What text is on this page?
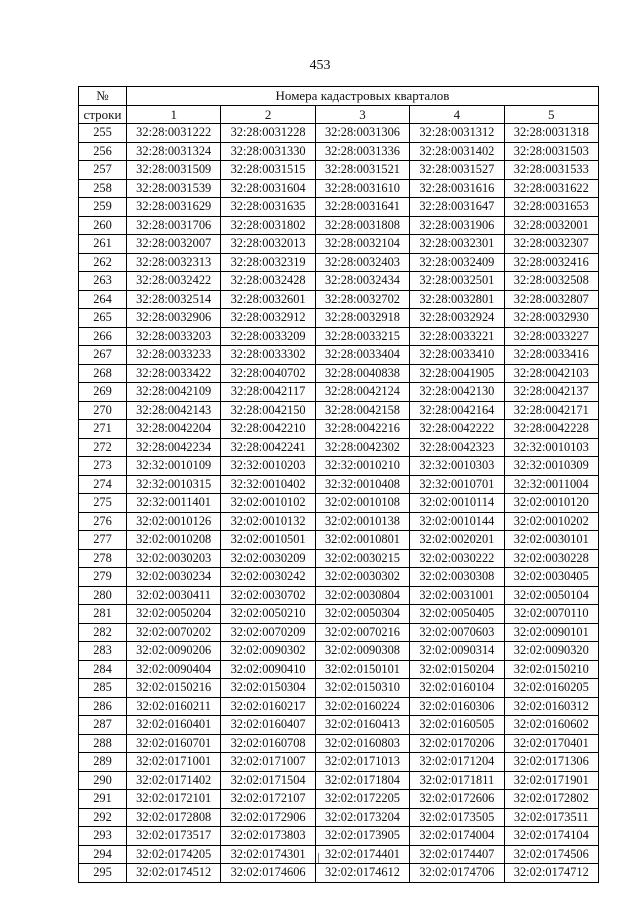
453
№	Номера кадастровых кварталов				
строки	1	2	3	4	5
255	32:28:0031222	32:28:0031228	32:28:0031306	32:28:0031312	32:28:0031318
256	32:28:0031324	32:28:0031330	32:28:0031336	32:28:0031402	32:28:0031503
257	32:28:0031509	32:28:0031515	32:28:0031521	32:28:0031527	32:28:0031533
258	32:28:0031539	32:28:0031604	32:28:0031610	32:28:0031616	32:28:0031622
259	32:28:0031629	32:28:0031635	32:28:0031641	32:28:0031647	32:28:0031653
260	32:28:0031706	32:28:0031802	32:28:0031808	32:28:0031906	32:28:0032001
261	32:28:0032007	32:28:0032013	32:28:0032104	32:28:0032301	32:28:0032307
262	32:28:0032313	32:28:0032319	32:28:0032403	32:28:0032409	32:28:0032416
263	32:28:0032422	32:28:0032428	32:28:0032434	32:28:0032501	32:28:0032508
264	32:28:0032514	32:28:0032601	32:28:0032702	32:28:0032801	32:28:0032807
265	32:28:0032906	32:28:0032912	32:28:0032918	32:28:0032924	32:28:0032930
266	32:28:0033203	32:28:0033209	32:28:0033215	32:28:0033221	32:28:0033227
267	32:28:0033233	32:28:0033302	32:28:0033404	32:28:0033410	32:28:0033416
268	32:28:0033422	32:28:0040702	32:28:0040838	32:28:0041905	32:28:0042103
269	32:28:0042109	32:28:0042117	32:28:0042124	32:28:0042130	32:28:0042137
270	32:28:0042143	32:28:0042150	32:28:0042158	32:28:0042164	32:28:0042171
271	32:28:0042204	32:28:0042210	32:28:0042216	32:28:0042222	32:28:0042228
272	32:28:0042234	32:28:0042241	32:28:0042302	32:28:0042323	32:32:0010103
273	32:32:0010109	32:32:0010203	32:32:0010210	32:32:0010303	32:32:0010309
274	32:32:0010315	32:32:0010402	32:32:0010408	32:32:0010701	32:32:0011004
275	32:32:0011401	32:02:0010102	32:02:0010108	32:02:0010114	32:02:0010120
276	32:02:0010126	32:02:0010132	32:02:0010138	32:02:0010144	32:02:0010202
277	32:02:0010208	32:02:0010501	32:02:0010801	32:02:0020201	32:02:0030101
278	32:02:0030203	32:02:0030209	32:02:0030215	32:02:0030222	32:02:0030228
279	32:02:0030234	32:02:0030242	32:02:0030302	32:02:0030308	32:02:0030405
280	32:02:0030411	32:02:0030702	32:02:0030804	32:02:0031001	32:02:0050104
281	32:02:0050204	32:02:0050210	32:02:0050304	32:02:0050405	32:02:0070110
282	32:02:0070202	32:02:0070209	32:02:0070216	32:02:0070603	32:02:0090101
283	32:02:0090206	32:02:0090302	32:02:0090308	32:02:0090314	32:02:0090320
284	32:02:0090404	32:02:0090410	32:02:0150101	32:02:0150204	32:02:0150210
285	32:02:0150216	32:02:0150304	32:02:0150310	32:02:0160104	32:02:0160205
286	32:02:0160211	32:02:0160217	32:02:0160224	32:02:0160306	32:02:0160312
287	32:02:0160401	32:02:0160407	32:02:0160413	32:02:0160505	32:02:0160602
288	32:02:0160701	32:02:0160708	32:02:0160803	32:02:0170206	32:02:0170401
289	32:02:0171001	32:02:0171007	32:02:0171013	32:02:0171204	32:02:0171306
290	32:02:0171402	32:02:0171504	32:02:0171804	32:02:0171811	32:02:0171901
291	32:02:0172101	32:02:0172107	32:02:0172205	32:02:0172606	32:02:0172802
292	32:02:0172808	32:02:0172906	32:02:0173204	32:02:0173505	32:02:0173511
293	32:02:0173517	32:02:0173803	32:02:0173905	32:02:0174004	32:02:0174104
294	32:02:0174205	32:02:0174301	32:02:0174401	32:02:0174407	32:02:0174506
295	32:02:0174512	32:02:0174606	32:02:0174612	32:02:0174706	32:02:0174712
